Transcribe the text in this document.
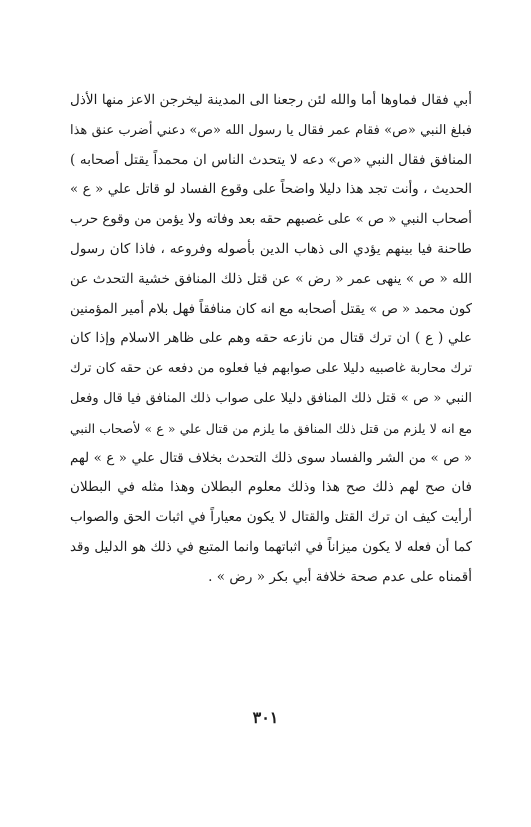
أبي فقال فماوها أما والله لئن رجعنا الى المدينة ليخرجن الاعز منها الأذل
فبلغ النبي «ص» فقام عمر فقال يا رسول الله «ص» دعني أضرب عنق هذا
المنافق فقال النبي «ص» دعه لا يتحدث الناس ان محمداً يقتل أصحابه )
الحديث ، وأنت تجد هذا دليلا واضحاً على وقوع الفساد لو قاتل علي « ع »
أصحاب النبي « ص » على غصبهم حقه بعد وفاته ولا يؤمن من وقوع حرب
طاحنة فيا بينهم يؤدي الى ذهاب الدين بأصوله وفروعه ، فاذا كان رسول
الله « ص » ينهى عمر « رض » عن قتل ذلك المنافق خشية التحدث عن
كون محمد « ص » يقتل أصحابه مع انه كان منافقاً فهل بلام أمير المؤمنين
علي ( ع ) ان ترك قتال من نازعه حقه وهم على ظاهر الاسلام وإذا كان
ترك محاربة غاصبيه دليلا على صوابهم فيا فعلوه من دفعه عن حقه كان ترك
النبي « ص » قتل ذلك المنافق دليلا على صواب ذلك المنافق فيا قال وفعل
مع انه لا يلزم من قتل ذلك المنافق ما يلزم من قتال علي « ع » لأصحاب النبي
« ص » من الشر والفساد سوى ذلك التحدث بخلاف قتال علي « ع » لهم
فان صح لهم ذلك صح هذا وذلك معلوم البطلان وهذا مثله في البطلان
أرأيت كيف ان ترك القتل والقتال لا يكون معياراً في اثبات الحق والصواب
كما أن فعله لا يكون ميزاناً في اثباتهما وانما المتبع في ذلك هو الدليل وقد
أقمناه على عدم صحة خلافة أبي بكر « رض » .
٣٠١
